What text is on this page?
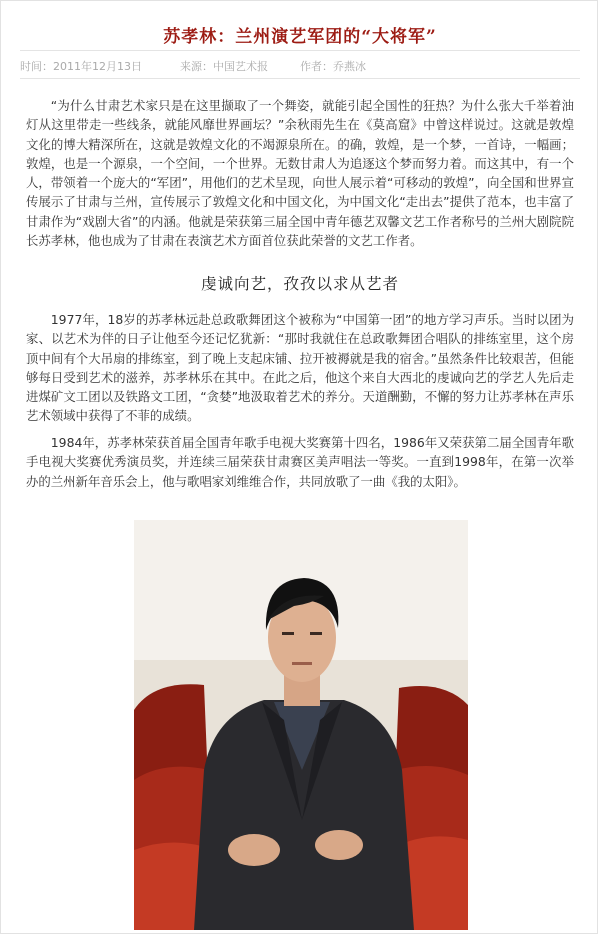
苏孝林：兰州演艺军团的“大将军”
时间：2011年12月13日	来源：中国艺术报	作者：乔燕冰

“为什么甘肃艺术家只是在这里撷取了一个舞姿，就能引起全国性的狂热？为什么张大千举着油灯从这里带走一些线条，就能风靡世界画坛？”余秋雨先生在《莫高窟》中曾这样说过。这就是敦煌文化的博大精深所在，这就是敦煌文化的不竭源泉所在。的确，敦煌，是一个梦，一首诗，一幅画；敦煌，也是一个源泉，一个空间，一个世界。无数甘肃人为追逐这个梦而努力着。而这其中，有一个人，带领着一个庞大的“军团”，用他们的艺术呈现，向世人展示着“可移动的敦煌”，向全国和世界宣传展示了甘肃与兰州，宣传展示了敦煌文化和中国文化，为中国文化“走出去”提供了范本，也丰富了甘肃作为“戏剧大省”的内涵。他就是荣获第三届全国中青年德艺双馨文艺工作者称号的兰州大剧院院长苏孝林，他也成为了甘肃在表演艺术方面首位获此荣誉的文艺工作者。

虔诚向艺，孜孜以求从艺者

1977年，18岁的苏孝林远赴总政歌舞团这个被称为“中国第一团”的地方学习声乐。当时以团为家、以艺术为伴的日子让他至今还记忆犹新：“那时我就住在总政歌舞团合唱队的排练室里，这个房顶中间有个大吊扇的排练室，到了晚上支起床铺、拉开被褥就是我的宿舍。”虽然条件比较艰苦，但能够每日受到艺术的滋养，苏孝林乐在其中。在此之后，他这个来自大西北的虔诚向艺的学艺人先后走进煤矿文工团以及铁路文工团，“贪婪”地汲取着艺术的养分。天道酬勤，不懈的努力让苏孝林在声乐艺术领域中获得了不菲的成绩。

1984年，苏孝林荣获首届全国青年歌手电视大奖赛第十四名，1986年又荣获第二届全国青年歌手电视大奖赛优秀演员奖，并连续三届荣获甘肃赛区美声唱法一等奖。一直到1998年，在第一次举办的兰州新年音乐会上，他与歌唱家刘维维合作，共同放歌了一曲《我的太阳》。
